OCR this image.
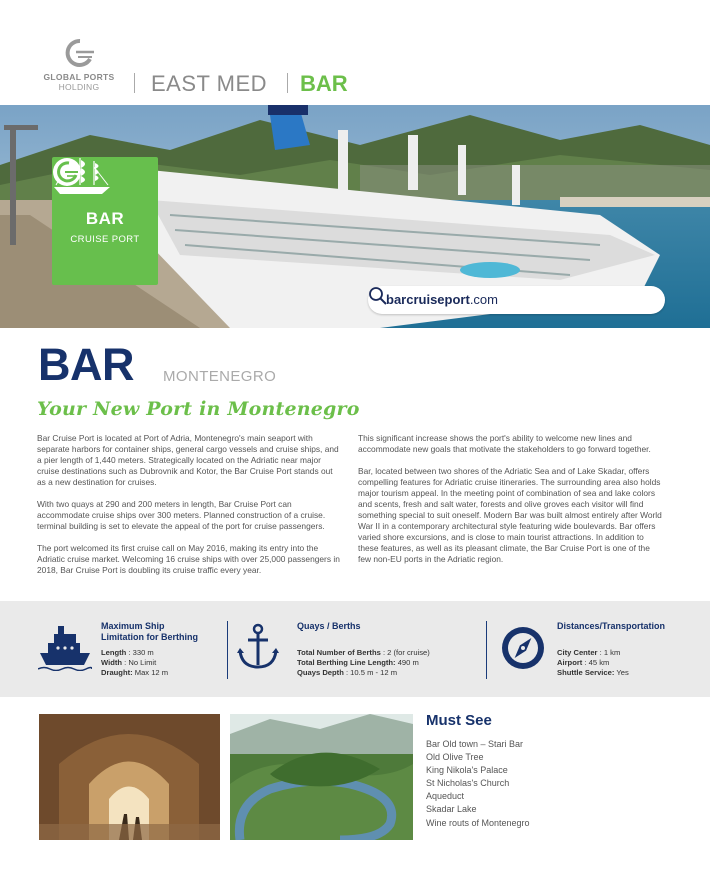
GLOBAL PORTS
HOLDING	EAST MED BAR
BAR
CRUISE PORT
barcruiseport.com
BAR MONTENEGRO
Your New Port in Montenegro

Bar Cruise Port is located at Port of Adria, Montenegro's main seaport with separate harbors for container ships, general cargo vessels and cruise ships, and a pier length of 1,440 meters. Strategically located on the Adriatic near major cruise destinations such as Dubrovnik and Kotor, the Bar Cruise Port stands out as a new destination for cruises.

With two quays at 290 and 200 meters in length, Bar Cruise Port can accommodate cruise ships over 300 meters. Planned construction of a cruise. terminal building is set to elevate the appeal of the port for cruise passengers.

The port welcomed its first cruise call on May 2016, making its entry into the Adriatic cruise market. Welcoming 16 cruise ships with over 25,000 passengers in 2018, Bar Cruise Port is doubling its cruise traffic every year.

This significant increase shows the port's ability to welcome new lines and accommodate new goals that motivate the stakeholders to go forward together.

Bar, located between two shores of the Adriatic Sea and of Lake Skadar, offers compelling features for Adriatic cruise itineraries. The surrounding area also holds major tourism appeal. In the meeting point of combination of sea and lake colors and scents, fresh and salt water, forests and olive groves each visitor will find something special to suit oneself. Modern Bar was built almost entirely after World War II in a contemporary architectural style featuring wide boulevards. Bar offers varied shore excursions, and is close to main tourist attractions. In addition to these features, as well as its pleasant climate, the Bar Cruise Port is one of the few non-EU ports in the Adriatic region.

Maximum Ship
Limitation for Berthing
Length : 330 m
Width : No Limit
Draught: Max 12 m
Quays / Berths
Total Number of Berths : 2 (for cruise)
Total Berthing Line Length: 490 m
Quays Depth : 10.5 m - 12 m
Distances/Transportation
City Center : 1 km
Airport : 45 km
Shuttle Service: Yes
Must See
Bar Old town – Stari Bar
Old Olive Tree
King Nikola's Palace
St Nicholas's Church
Aqueduct
Skadar Lake
Wine routs of Montenegro
